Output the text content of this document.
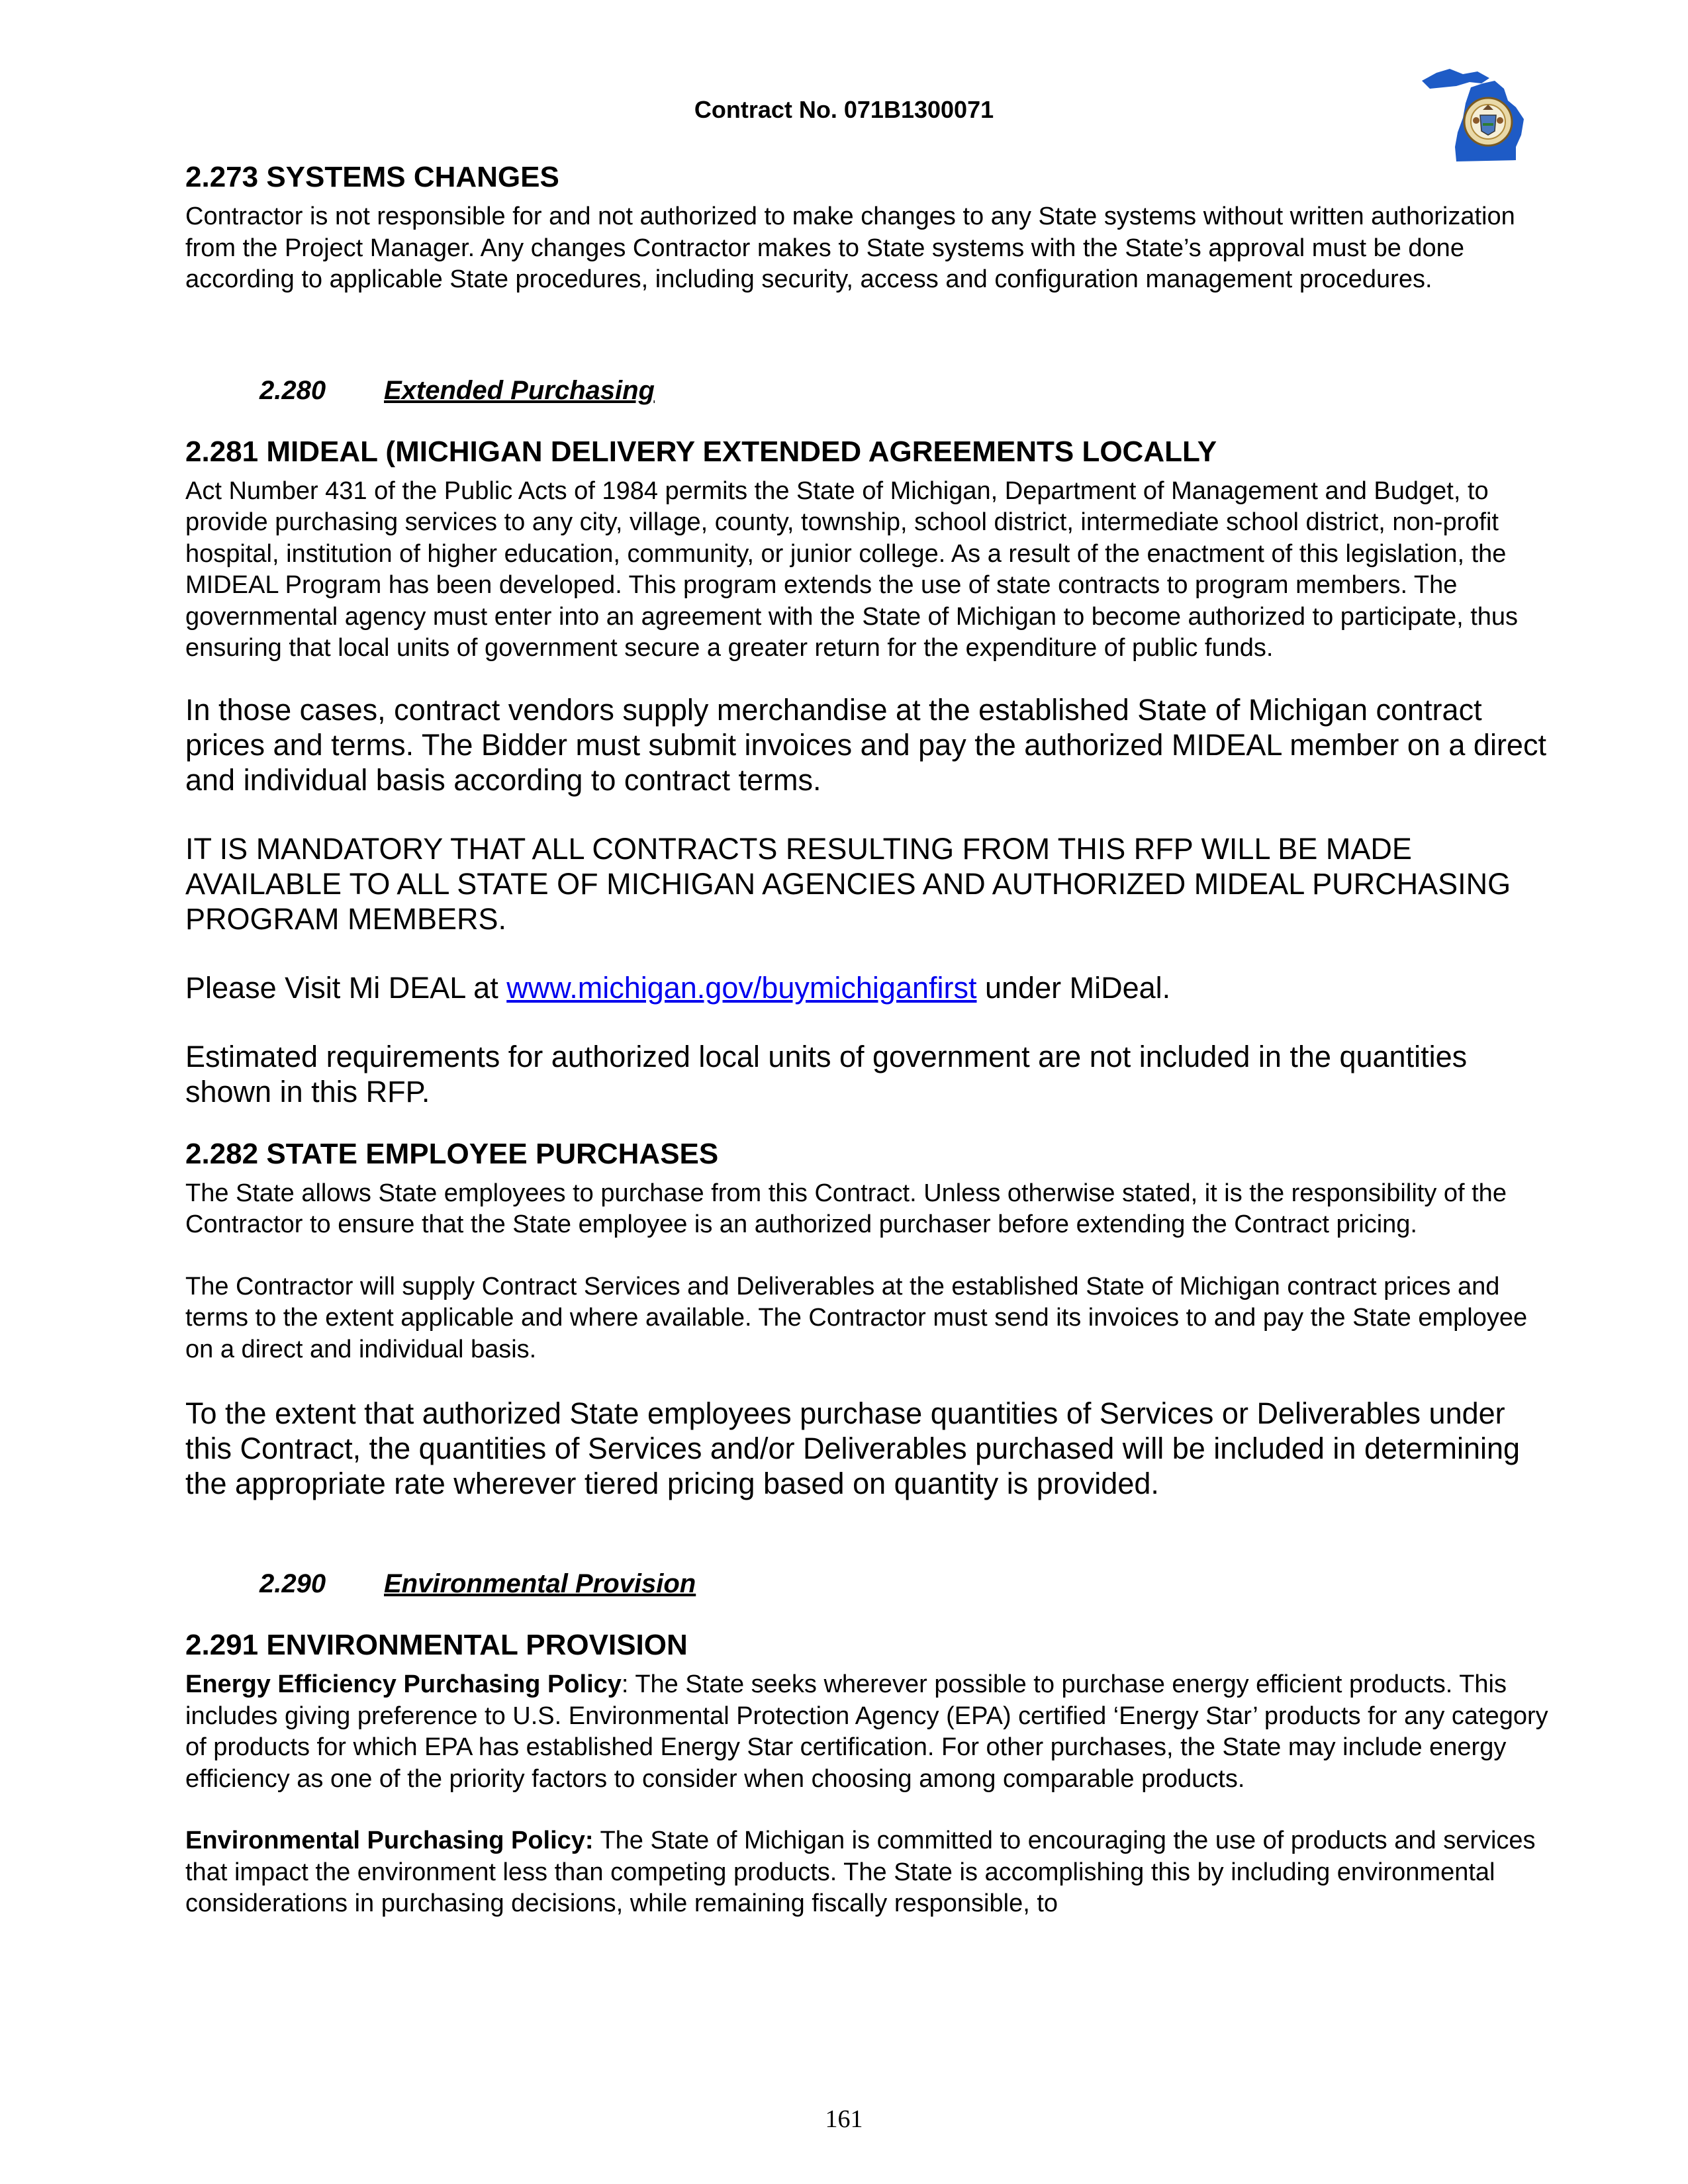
Contract No. 071B1300071
2.273 SYSTEMS CHANGES

Contractor is not responsible for and not authorized to make changes to any State systems without written authorization from the Project Manager. Any changes Contractor makes to State systems with the State’s approval must be done according to applicable State procedures, including security, access and configuration management procedures.

2.280 Extended Purchasing
2.281 MIDEAL (MICHIGAN DELIVERY EXTENDED AGREEMENTS LOCALLY

Act Number 431 of the Public Acts of 1984 permits the State of Michigan, Department of Management and Budget, to provide purchasing services to any city, village, county, township, school district, intermediate school district, non-profit hospital, institution of higher education, community, or junior college. As a result of the enactment of this legislation, the MIDEAL Program has been developed. This program extends the use of state contracts to program members. The governmental agency must enter into an agreement with the State of Michigan to become authorized to participate, thus ensuring that local units of government secure a greater return for the expenditure of public funds.

In those cases, contract vendors supply merchandise at the established State of Michigan contract prices and terms. The Bidder must submit invoices and pay the authorized MIDEAL member on a direct and individual basis according to contract terms.

IT IS MANDATORY THAT ALL CONTRACTS RESULTING FROM THIS RFP WILL BE MADE AVAILABLE TO ALL STATE OF MICHIGAN AGENCIES AND AUTHORIZED MIDEAL PURCHASING PROGRAM MEMBERS.

Please Visit Mi DEAL at www.michigan.gov/buymichiganfirst under MiDeal.

Estimated requirements for authorized local units of government are not included in the quantities shown in this RFP.

2.282 STATE EMPLOYEE PURCHASES

The State allows State employees to purchase from this Contract. Unless otherwise stated, it is the responsibility of the Contractor to ensure that the State employee is an authorized purchaser before extending the Contract pricing.

The Contractor will supply Contract Services and Deliverables at the established State of Michigan contract prices and terms to the extent applicable and where available. The Contractor must send its invoices to and pay the State employee on a direct and individual basis.

To the extent that authorized State employees purchase quantities of Services or Deliverables under this Contract, the quantities of Services and/or Deliverables purchased will be included in determining the appropriate rate wherever tiered pricing based on quantity is provided.

2.290 Environmental Provision
2.291 ENVIRONMENTAL PROVISION

Energy Efficiency Purchasing Policy: The State seeks wherever possible to purchase energy efficient products. This includes giving preference to U.S. Environmental Protection Agency (EPA) certified ‘Energy Star’ products for any category of products for which EPA has established Energy Star certification. For other purchases, the State may include energy efficiency as one of the priority factors to consider when choosing among comparable products.

Environmental Purchasing Policy: The State of Michigan is committed to encouraging the use of products and services that impact the environment less than competing products. The State is accomplishing this by including environmental considerations in purchasing decisions, while remaining fiscally responsible, to

161
